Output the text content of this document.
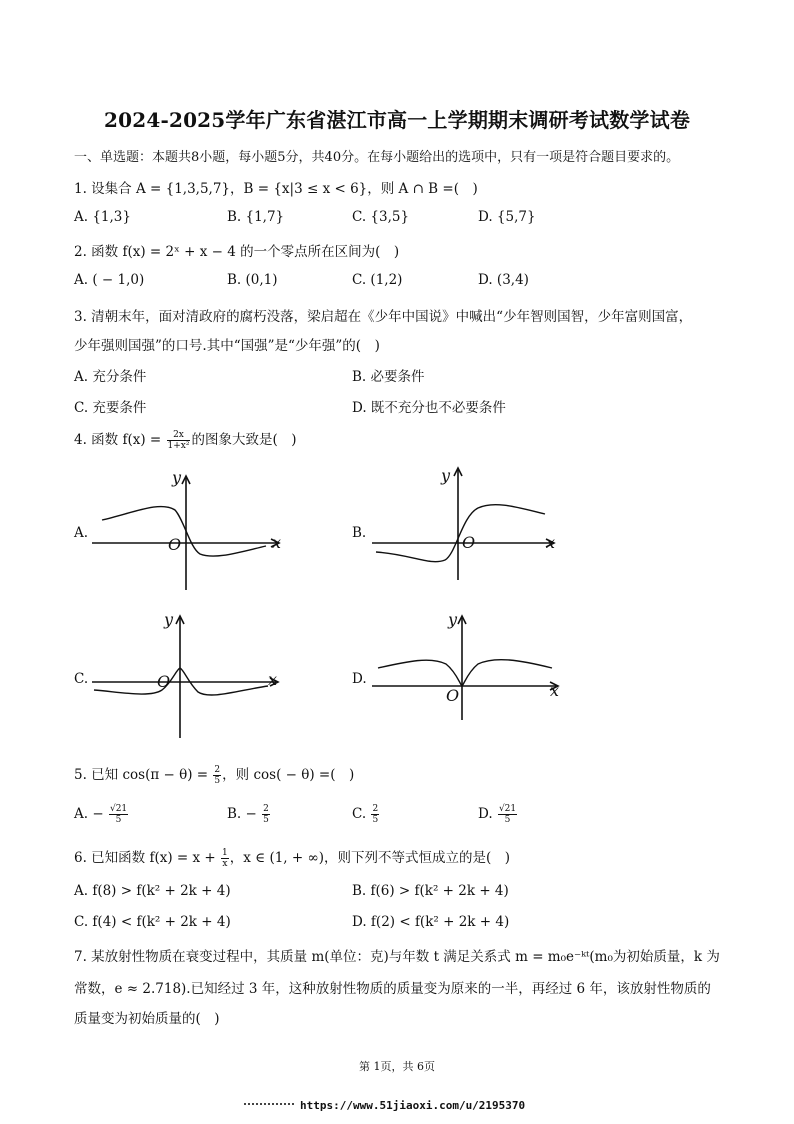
2024-2025学年广东省湛江市高一上学期期末调研考试数学试卷
一、单选题：本题共8小题，每小题5分，共40分。在每小题给出的选项中，只有一项是符合题目要求的。
1. 设集合 A = {1,3,5,7}，B = {x|3 ≤ x < 6}，则 A ∩ B =(　)
A. {1,3}	B. {1,7}	C. {3,5}	D. {5,7}
2. 函数 f(x) = 2ˣ + x − 4 的一个零点所在区间为(　)
A. ( − 1,0)	B. (0,1)	C. (1,2)	D. (3,4)
3. 清朝末年，面对清政府的腐朽没落，梁启超在《少年中国说》中喊出“少年智则国智，少年富则国富，
少年强则国强”的口号.其中“国强”是“少年强”的(　)
A. 充分条件	B. 必要条件
C. 充要条件	D. 既不充分也不必要条件
4. 函数 $f(x) = \frac{2x}{\text{1+x²}}$ 的图象大致是(　)
A.	B.
C.	D.
y
x
O
y
x
O
y
x
O
y
x
O
5. 已知 $\cos(\pi - \theta) = \frac{2}{5}$ ，则 cos( − θ) =(　)
A. − $\frac{√21}{5}$	B. − $\frac{2}{5}$	C. $\frac{2}{5}$	D. $\frac{√21}{5}$
6. 已知函数 $f(x) = x + \frac{1}{x}$ ，x ∈ (1, + ∞)，则下列不等式恒成立的是(　)
A. f(8) > f(k² + 2k + 4)	B. f(6) > f(k² + 2k + 4)
C. f(4) < f(k² + 2k + 4)	D. f(2) < f(k² + 2k + 4)
7. 某放射性物质在衰变过程中，其质量 m(单位：克)与年数 t 满足关系式 m = m₀e⁻ᵏᵗ(m₀为初始质量，k 为
常数，e ≈ 2.718).已知经过 3 年，这种放射性物质的质量变为原来的一半，再经过 6 年，该放射性物质的
质量变为初始质量的(　)
第 1页，共 6页
https://www.51jiaoxi.com/u/2195370
